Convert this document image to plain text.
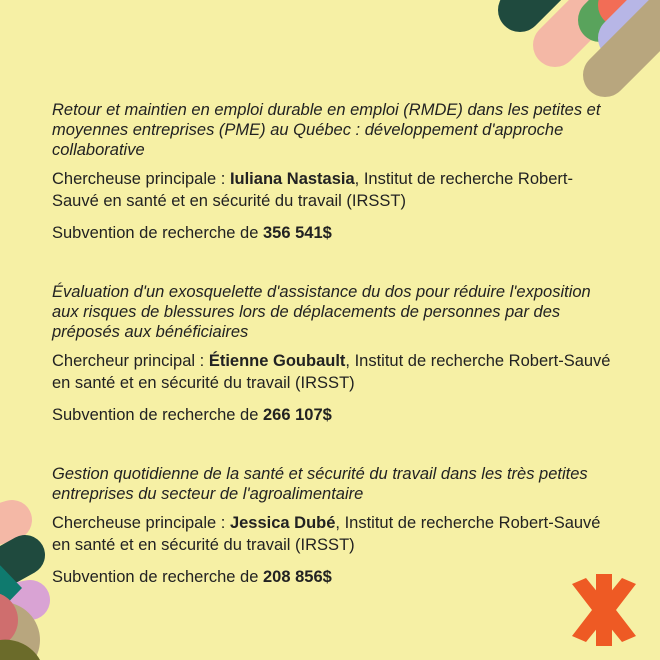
Retour et maintien en emploi durable en emploi (RMDE) dans les petites et moyennes entreprises (PME) au Québec : développement d'approche collaborative

Chercheuse principale : Iuliana Nastasia, Institut de recherche Robert-Sauvé en santé et en sécurité du travail (IRSST)

Subvention de recherche de 356 541$

Évaluation d'un exosquelette d'assistance du dos pour réduire l'exposition aux risques de blessures lors de déplacements de personnes par des préposés aux bénéficiaires

Chercheur principal : Étienne Goubault, Institut de recherche Robert-Sauvé en santé et en sécurité du travail (IRSST)

Subvention de recherche de 266 107$

Gestion quotidienne de la santé et sécurité du travail dans les très petites entreprises du secteur de l'agroalimentaire

Chercheuse principale : Jessica Dubé, Institut de recherche Robert-Sauvé en santé et en sécurité du travail (IRSST)

Subvention de recherche de 208 856$
